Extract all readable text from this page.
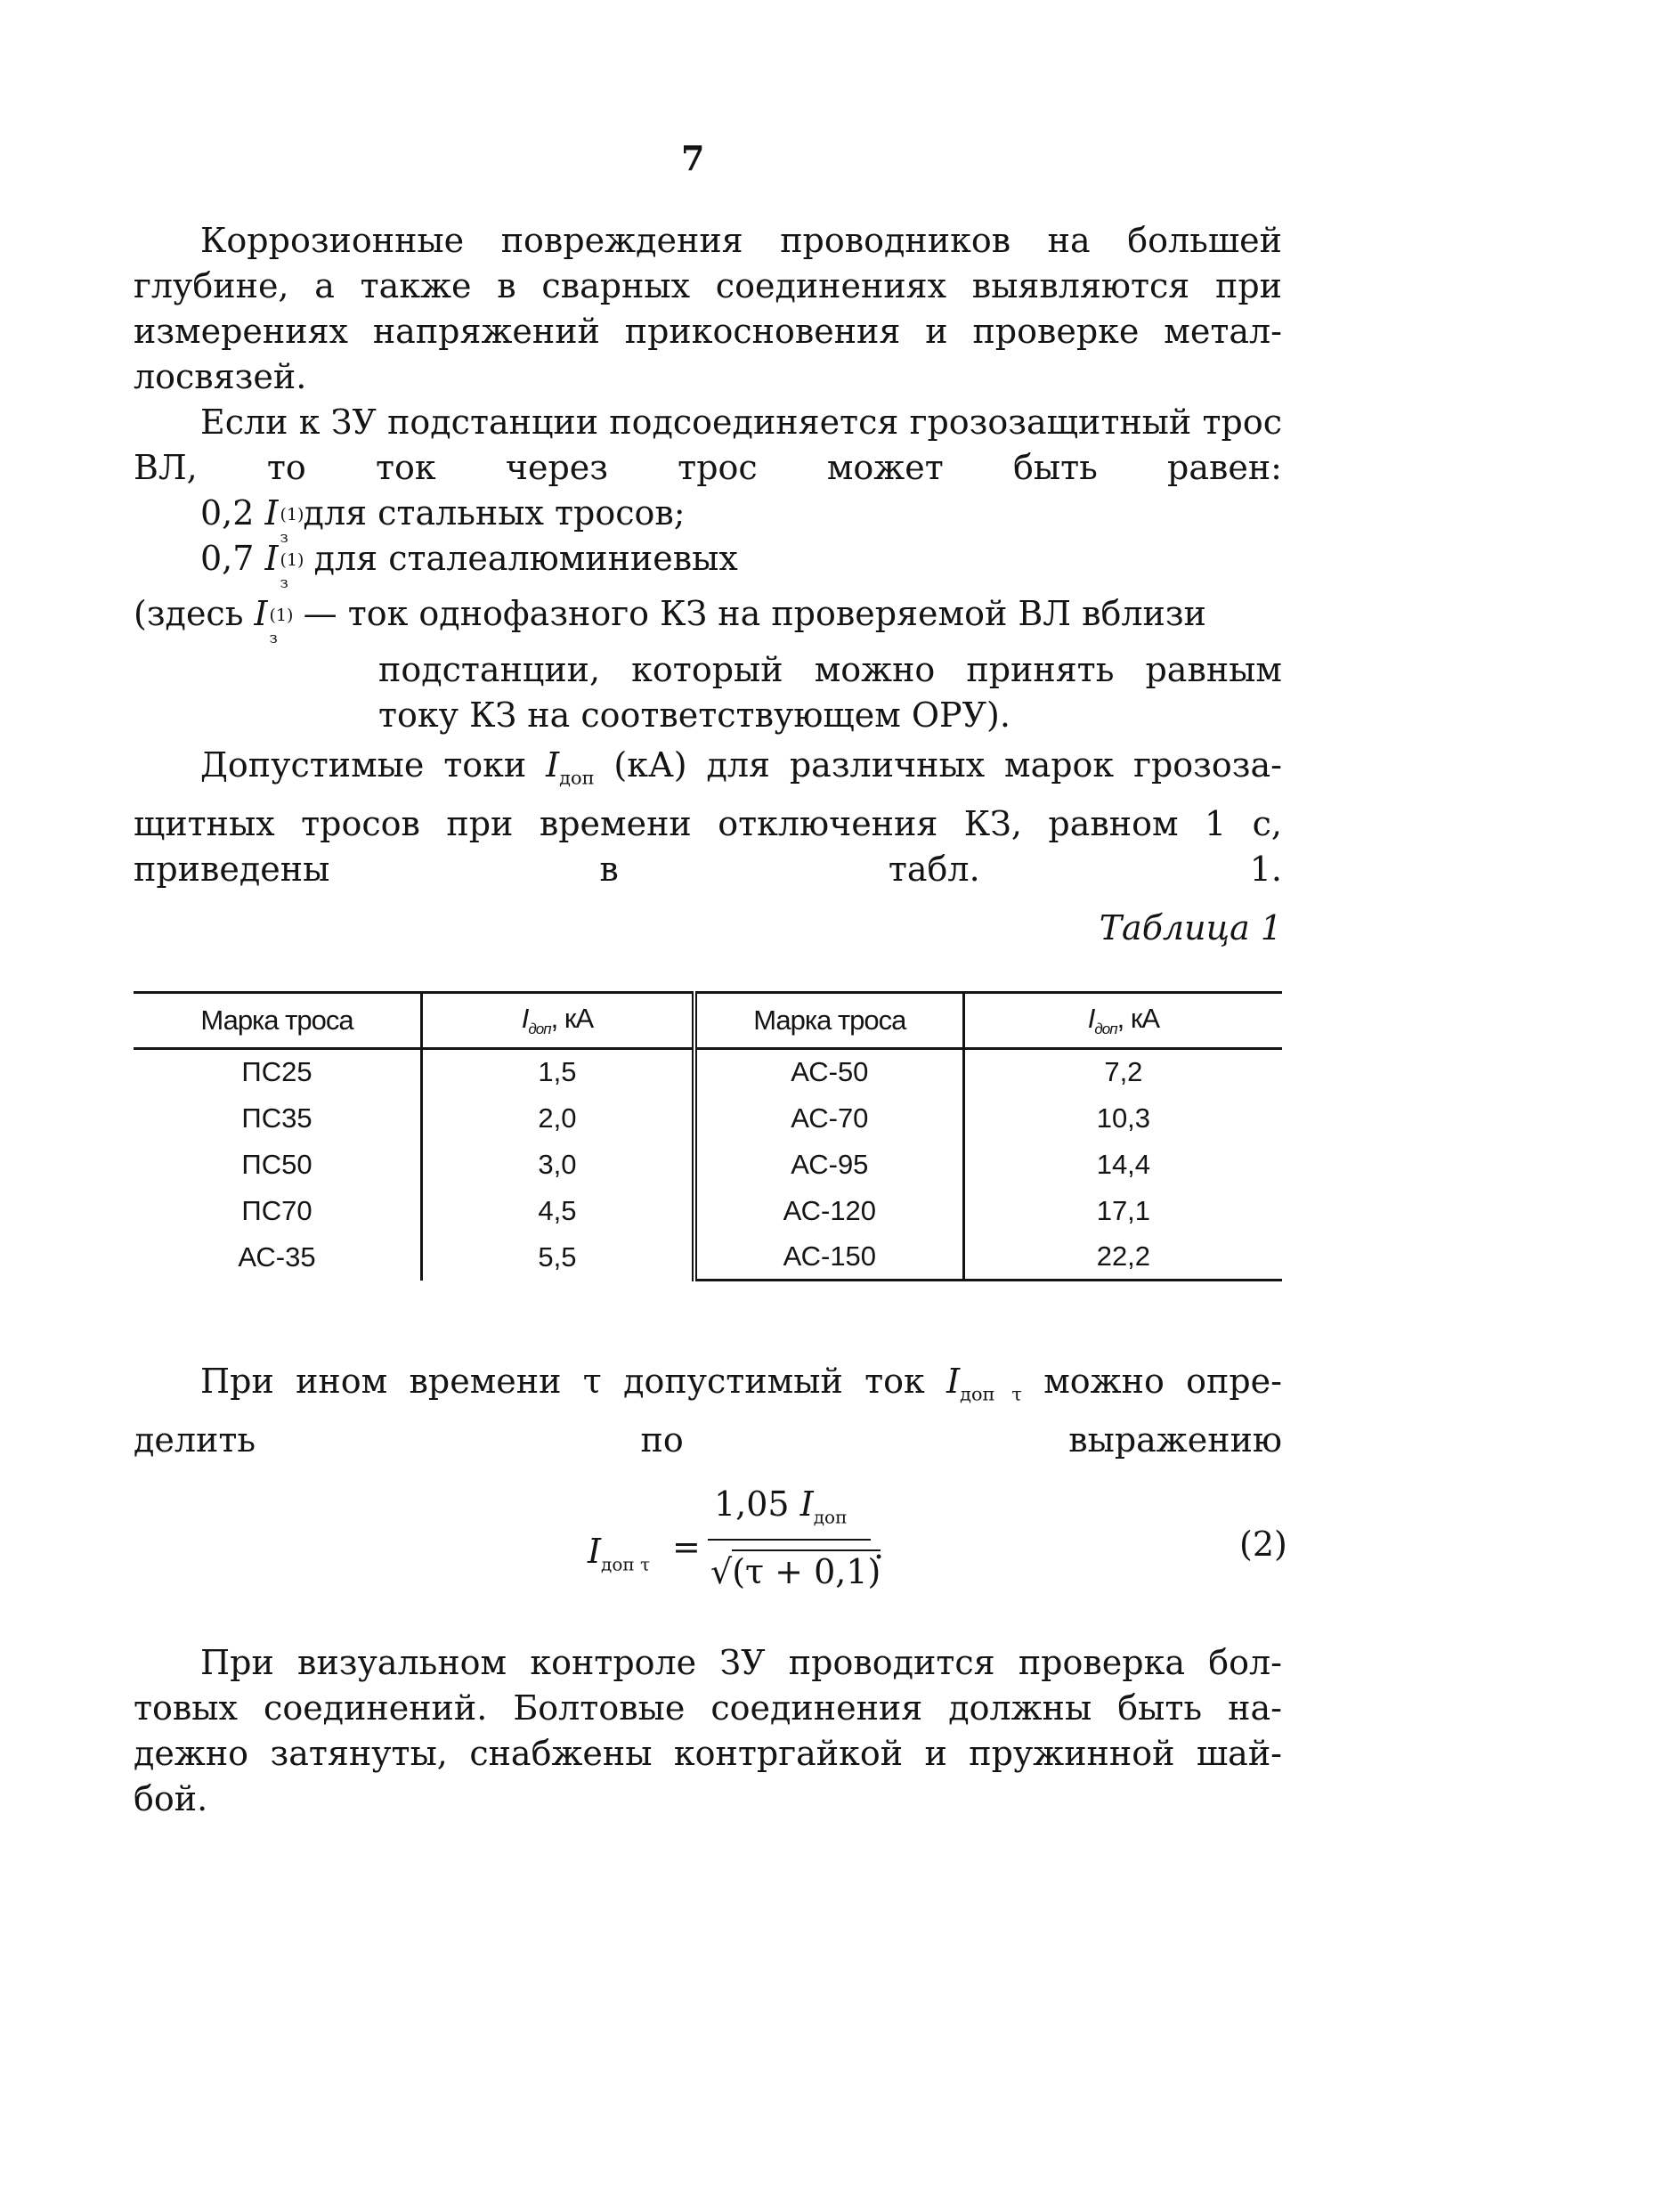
7
Коррозионные повреждения проводников на большей
глубине, а также в сварных соединениях выявляются при
измерениях напряжений прикосновения и проверке метал-
лосвязей.
Если к ЗУ подстанции подсоединяется грозозащитный трос
ВЛ, то ток через трос может быть равен:
0,2 I (1)
з
для стальных тросов;
0,7 I (1)
з
для сталеалюминиевых
(здесь I (1)
з
— ток однофазного КЗ на проверяемой ВЛ вблизи
подстанции, который можно принять равным
току КЗ на соответствующем ОРУ).
Допустимые токи $I_{доп}$ (кА) для различных марок грозоза-
щитных тросов при времени отключения КЗ, равном 1 с,
приведены в табл. 1.
Таблица 1
Марка троса	$I_{доп}$, кА	Марка троса	$I_{доп}$, кА
ПС25	1,5	АС-50	7,2
ПС35	2,0	АС-70	10,3
ПС50	3,0	АС-95	14,4
ПС70	4,5	АС-120	17,1
АС-35	5,5	АС-150	22,2
При ином времени τ допустимый ток $I_{доп \tau}$ можно опре-
делить по выражению
$I_{доп \tau}$ =
1,05 $I_{доп}$
√(τ + 0,1)
.	(2)
При визуальном контроле ЗУ проводится проверка бол-
товых соединений. Болтовые соединения должны быть на-
дежно затянуты, снабжены контргайкой и пружинной шай-
бой.
